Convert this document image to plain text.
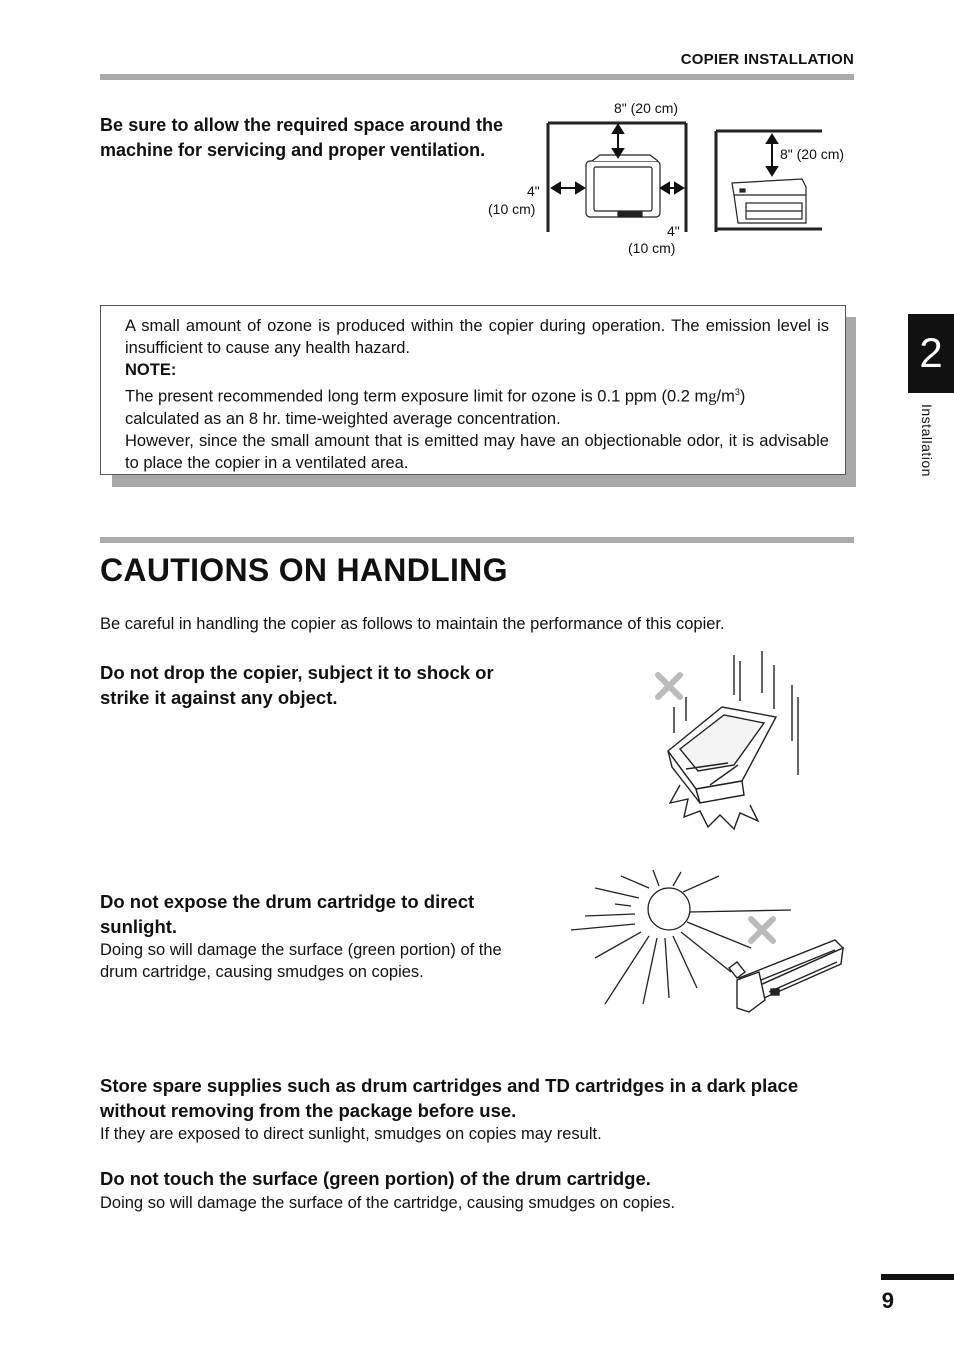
COPIER INSTALLATION
Be sure to allow the required space around the machine for servicing and proper ventilation.
8" (20 cm)
4"
(10 cm)
4"
(10 cm)
8" (20 cm)

A small amount of ozone is produced within the copier during operation. The emission level is insufficient to cause any health hazard.

NOTE:

The present recommended long term exposure limit for ozone is 0.1 ppm (0.2 $mg/m^3$)

calculated as an 8 hr. time-weighted average concentration.

However, since the small amount that is emitted may have an objectionable odor, it is advisable to place the copier in a ventilated area.

2
Installation
CAUTIONS ON HANDLING
Be careful in handling the copier as follows to maintain the performance of this copier.
Do not drop the copier, subject it to shock or strike it against any object.
Do not expose the drum cartridge to direct sunlight.
Doing so will damage the surface (green portion) of the drum cartridge, causing smudges on copies.
Store spare supplies such as drum cartridges and TD cartridges in a dark place without removing from the package before use.
If they are exposed to direct sunlight, smudges on copies may result.
Do not touch the surface (green portion) of the drum cartridge.
Doing so will damage the surface of the cartridge, causing smudges on copies.
9
